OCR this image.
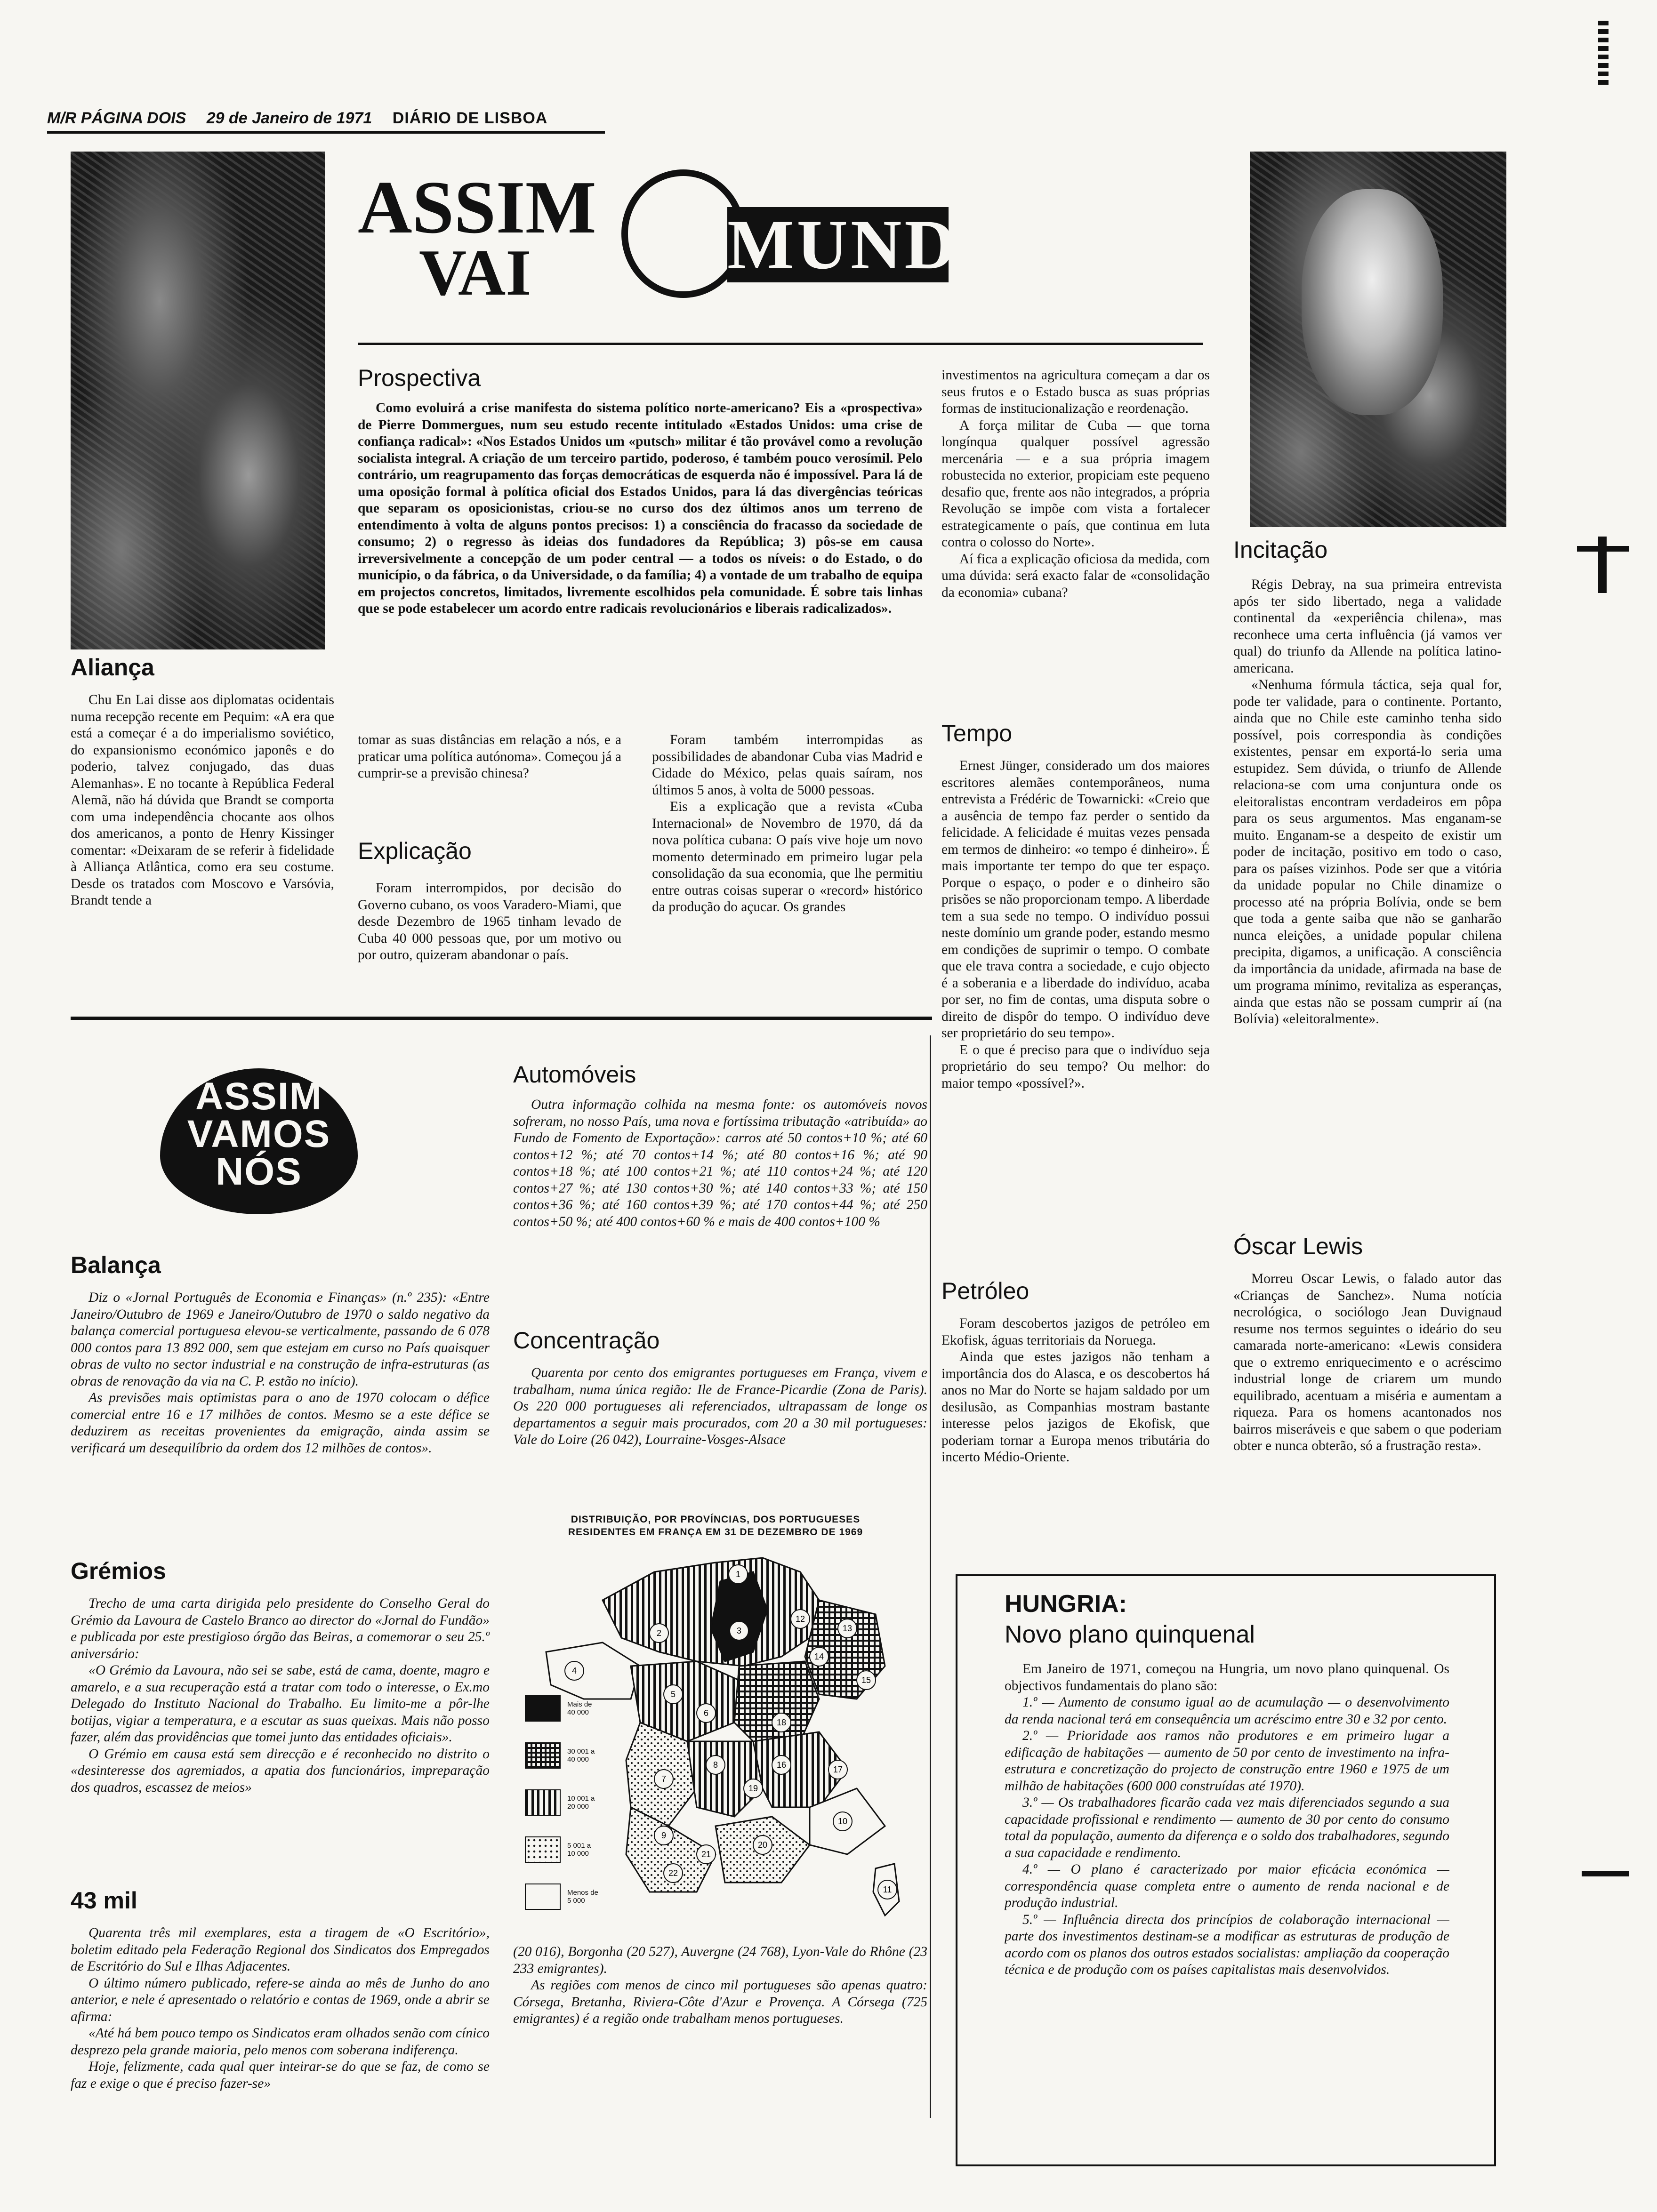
M/R PÁGINA DOIS 29 de Janeiro de 1971 DIÁRIO DE LISBOA
ASSIM
VAI	MUNDO
Prospectiva

Como evoluirá a crise manifesta do sistema político norte-americano? Eis a «prospectiva» de Pierre Dommergues, num seu estudo recente intitulado «Estados Unidos: uma crise de confiança radical»: «Nos Estados Unidos um «putsch» militar é tão provável como a revolução socialista integral. A criação de um terceiro partido, poderoso, é também pouco verosímil. Pelo contrário, um reagrupamento das forças democráticas de esquerda não é impossível. Para lá de uma oposição formal à política oficial dos Estados Unidos, para lá das divergências teóricas que separam os oposicionistas, criou-se no curso dos dez últimos anos um terreno de entendimento à volta de alguns pontos precisos: 1) a consciência do fracasso da sociedade de consumo; 2) o regresso às ideias dos fundadores da República; 3) pôs-se em causa irreversivelmente a concepção de um poder central — a todos os níveis: o do Estado, o do município, o da fábrica, o da Universidade, o da família; 4) a vontade de um trabalho de equipa em projectos concretos, limitados, livremente escolhidos pela comunidade. É sobre tais linhas que se pode estabelecer um acordo entre radicais revolucionários e liberais radicalizados».

Aliança

Chu En Lai disse aos diplomatas ocidentais numa recepção recente em Pequim: «A era que está a começar é a do imperialismo soviético, do expansionismo económico japonês e do poderio, talvez conjugado, das duas Alemanhas». E no tocante à República Federal Alemã, não há dúvida que Brandt se comporta com uma independência chocante aos olhos dos americanos, a ponto de Henry Kissinger comentar: «Deixaram de se referir à fidelidade à Alliança Atlântica, como era seu costume. Desde os tratados com Moscovo e Varsóvia, Brandt tende a

tomar as suas distâncias em relação a nós, e a praticar uma política autónoma». Começou já a cumprir-se a previsão chinesa?

Explicação

Foram interrompidos, por decisão do Governo cubano, os voos Varadero-Miami, que desde Dezembro de 1965 tinham levado de Cuba 40 000 pessoas que, por um motivo ou por outro, quizeram abandonar o país.

Foram também interrompidas as possibilidades de abandonar Cuba vias Madrid e Cidade do México, pelas quais saíram, nos últimos 5 anos, à volta de 5000 pessoas.

Eis a explicação que a revista «Cuba Internacional» de Novembro de 1970, dá da nova política cubana: O país vive hoje um novo momento determinado em primeiro lugar pela consolidação da sua economia, que lhe permitiu entre outras coisas superar o «record» histórico da produção do açucar. Os grandes

investimentos na agricultura começam a dar os seus frutos e o Estado busca as suas próprias formas de institucionalização e reordenação.

A força militar de Cuba — que torna longínqua qualquer possível agressão mercenária — e a sua própria imagem robustecida no exterior, propiciam este pequeno desafio que, frente aos não integrados, a própria Revolução se impõe com vista a fortalecer estrategicamente o país, que continua em luta contra o colosso do Norte».

Aí fica a explicação oficiosa da medida, com uma dúvida: será exacto falar de «consolidação da economia» cubana?

Tempo

Ernest Jünger, considerado um dos maiores escritores alemães contemporâneos, numa entrevista a Frédéric de Towarnicki: «Creio que a ausência de tempo faz perder o sentido da felicidade. A felicidade é muitas vezes pensada em termos de dinheiro: «o tempo é dinheiro». É mais importante ter tempo do que ter espaço. Porque o espaço, o poder e o dinheiro são prisões se não proporcionam tempo. A liberdade tem a sua sede no tempo. O indivíduo possui neste domínio um grande poder, estando mesmo em condições de suprimir o tempo. O combate que ele trava contra a sociedade, e cujo objecto é a soberania e a liberdade do indivíduo, acaba por ser, no fim de contas, uma disputa sobre o direito de dispôr do tempo. O indivíduo deve ser proprietário do seu tempo».

E o que é preciso para que o indivíduo seja proprietário do seu tempo? Ou melhor: do maior tempo «possível?».

Incitação

Régis Debray, na sua primeira entrevista após ter sido libertado, nega a validade continental da «experiência chilena», mas reconhece uma certa influência (já vamos ver qual) do triunfo da Allende na política latino-americana.

«Nenhuma fórmula táctica, seja qual for, pode ter validade, para o continente. Portanto, ainda que no Chile este caminho tenha sido possível, pois correspondia às condições existentes, pensar em exportá-lo seria uma estupidez. Sem dúvida, o triunfo de Allende relaciona-se com uma conjuntura onde os eleitoralistas encontram verdadeiros em pôpa para os seus argumentos. Mas enganam-se muito. Enganam-se a despeito de existir um poder de incitação, positivo em todo o caso, para os países vizinhos. Pode ser que a vitória da unidade popular no Chile dinamize o processo até na própria Bolívia, onde se bem que toda a gente saiba que não se ganharão nunca eleições, a unidade popular chilena precipita, digamos, a unificação. A consciência da importância da unidade, afirmada na base de um programa mínimo, revitaliza as esperanças, ainda que estas não se possam cumprir aí (na Bolívia) «eleitoralmente».

Óscar Lewis

Morreu Oscar Lewis, o falado autor das «Crianças de Sanchez». Numa notícia necrológica, o sociólogo Jean Duvignaud resume nos termos seguintes o ideário do seu camarada norte-americano: «Lewis considera que o extremo enriquecimento e o acréscimo industrial longe de criarem um mundo equilibrado, acentuam a miséria e aumentam a riqueza. Para os homens acantonados nos bairros miseráveis e que sabem o que poderiam obter e nunca obterão, só a frustração resta».

ASSIM
VAMOS
NÓS
Automóveis

Outra informação colhida na mesma fonte: os automóveis novos sofreram, no nosso País, uma nova e fortíssima tributação «atribuída» ao Fundo de Fomento de Exportação»: carros até 50 contos+10 %; até 60 contos+12 %; até 70 contos+14 %; até 80 contos+16 %; até 90 contos+18 %; até 100 contos+21 %; até 110 contos+24 %; até 120 contos+27 %; até 130 contos+30 %; até 140 contos+33 %; até 150 contos+36 %; até 160 contos+39 %; até 170 contos+44 %; até 250 contos+50 %; até 400 contos+60 % e mais de 400 contos+100 %

Concentração

Quarenta por cento dos emigrantes portugueses em França, vivem e trabalham, numa única região: Ile de France-Picardie (Zona de Paris). Os 220 000 portugueses ali referenciados, ultrapassam de longe os departamentos a seguir mais procurados, com 20 a 30 mil portugueses: Vale do Loire (26 042), Lourraine-Vosges-Alsace

DISTRIBUIÇÃO, POR PROVÍNCIAS, DOS PORTUGUESES
RESIDENTES EM FRANÇA EM 31 DE DEZEMBRO DE 1969
1
2	3
4
5
6
7
8
9
10
11
12
13
14
15
16	17
18
19
20
21
22
Mais de
40 000
30 001 a
40 000
10 001 a
20 000
5 001 a
10 000
Menos de
5 000

(20 016), Borgonha (20 527), Auvergne (24 768), Lyon-Vale do Rhône (23 233 emigrantes).

As regiões com menos de cinco mil portugueses são apenas quatro: Córsega, Bretanha, Riviera-Côte d'Azur e Provença. A Córsega (725 emigrantes) é a região onde trabalham menos portugueses.

Balança

Diz o «Jornal Português de Economia e Finanças» (n.º 235): «Entre Janeiro/Outubro de 1969 e Janeiro/Outubro de 1970 o saldo negativo da balança comercial portuguesa elevou-se verticalmente, passando de 6 078 000 contos para 13 892 000, sem que estejam em curso no País quaisquer obras de vulto no sector industrial e na construção de infra-estruturas (as obras de renovação da via na C. P. estão no início).

As previsões mais optimistas para o ano de 1970 colocam o défice comercial entre 16 e 17 milhões de contos. Mesmo se a este défice se deduzirem as receitas provenientes da emigração, ainda assim se verificará um desequilíbrio da ordem dos 12 milhões de contos».

Grémios

Trecho de uma carta dirigida pelo presidente do Conselho Geral do Grémio da Lavoura de Castelo Branco ao director do «Jornal do Fundão» e publicada por este prestigioso órgão das Beiras, a comemorar o seu 25.º aniversário:

«O Grémio da Lavoura, não sei se sabe, está de cama, doente, magro e amarelo, e a sua recuperação está a tratar com todo o interesse, o Ex.mo Delegado do Instituto Nacional do Trabalho. Eu limito-me a pôr-lhe botijas, vigiar a temperatura, e a escutar as suas queixas. Mais não posso fazer, além das providências que tomei junto das entidades oficiais».

O Grémio em causa está sem direcção e é reconhecido no distrito o «desinteresse dos agremiados, a apatia dos funcionários, impreparação dos quadros, escassez de meios»

43 mil

Quarenta três mil exemplares, esta a tiragem de «O Escritório», boletim editado pela Federação Regional dos Sindicatos dos Empregados de Escritório do Sul e Ilhas Adjacentes.

O último número publicado, refere-se ainda ao mês de Junho do ano anterior, e nele é apresentado o relatório e contas de 1969, onde a abrir se afirma:

«Até há bem pouco tempo os Sindicatos eram olhados senão com cínico desprezo pela grande maioria, pelo menos com soberana indiferença.

Hoje, felizmente, cada qual quer inteirar-se do que se faz, de como se faz e exige o que é preciso fazer-se»

Petróleo

Foram descobertos jazigos de petróleo em Ekofisk, águas territoriais da Noruega.

Ainda que estes jazigos não tenham a importância dos do Alasca, e os descobertos há anos no Mar do Norte se hajam saldado por um desilusão, as Companhias mostram bastante interesse pelos jazigos de Ekofisk, que poderiam tornar a Europa menos tributária do incerto Médio-Oriente.

HUNGRIA:
Novo plano quinquenal

Em Janeiro de 1971, começou na Hungria, um novo plano quinquenal. Os objectivos fundamentais do plano são:

1.º — Aumento de consumo igual ao de acumulação — o desenvolvimento da renda nacional terá em consequência um acréscimo entre 30 e 32 por cento.

2.º — Prioridade aos ramos não produtores e em primeiro lugar a edificação de habitações — aumento de 50 por cento de investimento na infra-estrutura e concretização do projecto de construção entre 1960 e 1975 de um milhão de habitações (600 000 construídas até 1970).

3.º — Os trabalhadores ficarão cada vez mais diferenciados segundo a sua capacidade profissional e rendimento — aumento de 30 por cento do consumo total da população, aumento da diferença e o soldo dos trabalhadores, segundo a sua capacidade e rendimento.

4.º — O plano é caracterizado por maior eficácia económica — correspondência quase completa entre o aumento de renda nacional e de produção industrial.

5.º — Influência directa dos princípios de colaboração internacional — parte dos investimentos destinam-se a modificar as estruturas de produção de acordo com os planos dos outros estados socialistas: ampliação da cooperação técnica e de produção com os países capitalistas mais desenvolvidos.
